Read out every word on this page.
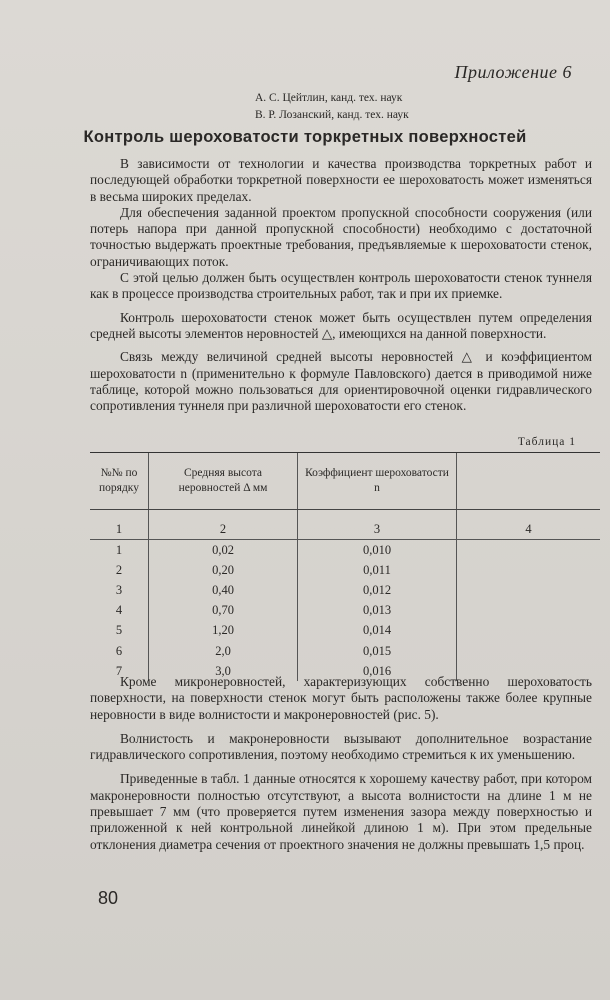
Приложение 6
А. С. Цейтлин, канд. тех. наук
В. Р. Лозанский, канд. тех. наук
Контроль шероховатости торкретных поверхностей

В зависимости от технологии и качества производства торкретных работ и последующей обработки торкретной поверхности ее шероховатость может изменяться в весьма широких пределах.

Для обеспечения заданной проектом пропускной способности сооружения (или потерь напора при данной пропускной способности) необходимо с достаточной точностью выдержать проектные требования, предъявляемые к шероховатости стенок, ограничивающих поток.

С этой целью должен быть осуществлен контроль шероховатости стенок туннеля как в процессе производства строительных работ, так и при их приемке.

Контроль шероховатости стенок может быть осуществлен путем определения средней высоты элементов неровностей △, имеющихся на данной поверхности.

Связь между величиной средней высоты неровностей △ и коэффициентом шероховатости n (применительно к формуле Павловского) дается в приводимой ниже таблице, которой можно пользоваться для ориентировочной оценки гидравлического сопротивления туннеля при различной шероховатости его стенок.

Таблица 1
№№ по порядку	Средняя высота неровностей Δ мм	Коэффициент шероховатости n	
1	2	3	4
1	0,02	0,010	
2	0,20	0,011	
3	0,40	0,012	
4	0,70	0,013	
5	1,20	0,014	
6	2,0	0,015	
7	3,0	0,016	

Кроме микронеровностей, характеризующих собственно шероховатость поверхности, на поверхности стенок могут быть расположены также более крупные неровности в виде волнистости и макронеровностей (рис. 5).

Волнистость и макронеровности вызывают дополнительное возрастание гидравлического сопротивления, поэтому необходимо стремиться к их уменьшению.

Приведенные в табл. 1 данные относятся к хорошему качеству работ, при котором макронеровности полностью отсутствуют, а высота волнистости на длине 1 м не превышает 7 мм (что проверяется путем изменения зазора между поверхностью и приложенной к ней контрольной линейкой длиною 1 м). При этом предельные отклонения диаметра сечения от проектного значения не должны превышать 1,5 проц.

80
